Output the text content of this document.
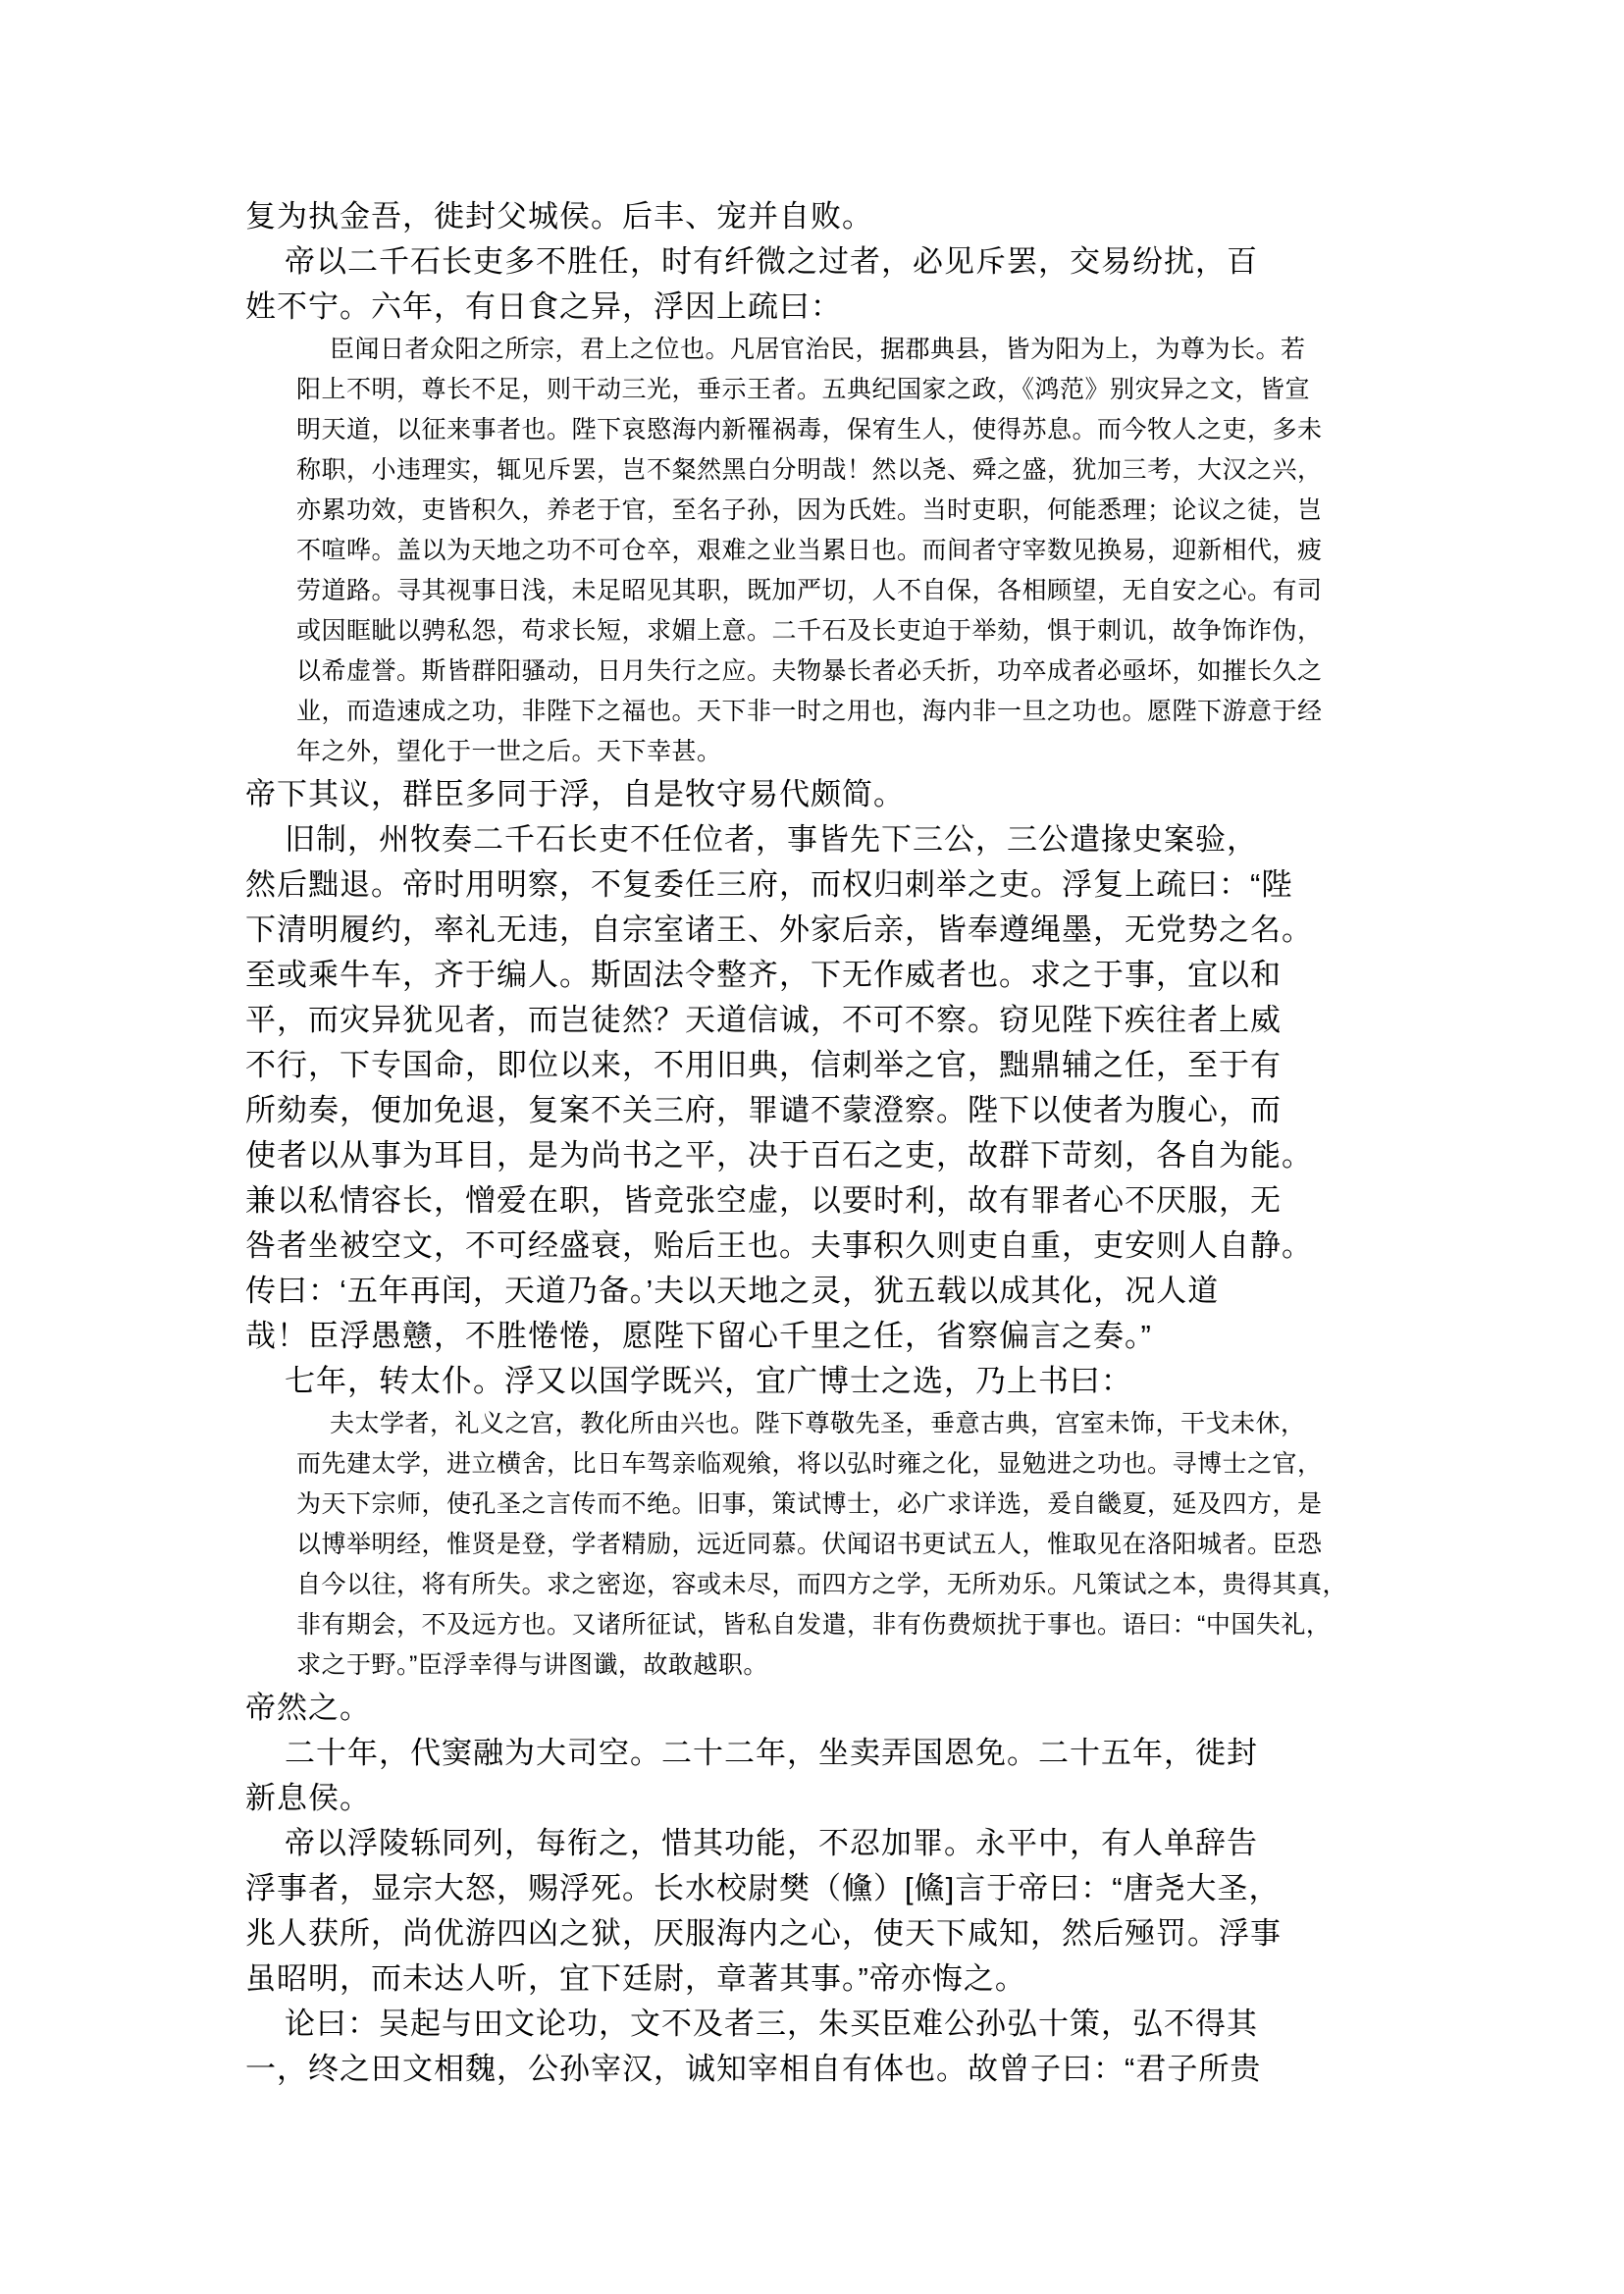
复为执金吾，徙封父城侯。后丰、宠并自败。
帝以二千石长吏多不胜任，时有纤微之过者，必见斥罢，交易纷扰，百
姓不宁。六年，有日食之异，浮因上疏曰：
臣闻日者众阳之所宗，君上之位也。凡居官治民，据郡典县，皆为阳为上，为尊为长。若
阳上不明，尊长不足，则干动三光，垂示王者。五典纪国家之政，《鸿范》别灾异之文，皆宣
明天道，以征来事者也。陛下哀愍海内新罹祸毒，保宥生人，使得苏息。而今牧人之吏，多未
称职，小违理实，辄见斥罢，岂不粲然黑白分明哉！然以尧、舜之盛，犹加三考，大汉之兴，
亦累功效，吏皆积久，养老于官，至名子孙，因为氏姓。当时吏职，何能悉理；论议之徒，岂
不喧哗。盖以为天地之功不可仓卒，艰难之业当累日也。而间者守宰数见换易，迎新相代，疲
劳道路。寻其视事日浅，未足昭见其职，既加严切，人不自保，各相顾望，无自安之心。有司
或因眶眦以骋私怨，苟求长短，求媚上意。二千石及长吏迫于举劾，惧于刺讥，故争饰诈伪，
以希虚誉。斯皆群阳骚动，日月失行之应。夫物暴长者必夭折，功卒成者必亟坏，如摧长久之
业，而造速成之功，非陛下之福也。天下非一时之用也，海内非一旦之功也。愿陛下游意于经
年之外，望化于一世之后。天下幸甚。
帝下其议，群臣多同于浮，自是牧守易代颇简。
旧制，州牧奏二千石长吏不任位者，事皆先下三公，三公遣掾史案验，
然后黜退。帝时用明察，不复委任三府，而权归刺举之吏。浮复上疏曰：“陛
下清明履约，率礼无违，自宗室诸王、外家后亲，皆奉遵绳墨，无党势之名。
至或乘牛车，齐于编人。斯固法令整齐，下无作威者也。求之于事，宜以和
平，而灾异犹见者，而岂徒然？天道信诚，不可不察。窃见陛下疾往者上威
不行，下专国命，即位以来，不用旧典，信刺举之官，黜鼎辅之任，至于有
所劾奏，便加免退，复案不关三府，罪谴不蒙澄察。陛下以使者为腹心，而
使者以从事为耳目，是为尚书之平，决于百石之吏，故群下苛刻，各自为能。
兼以私情容长，憎爱在职，皆竞张空虚，以要时利，故有罪者心不厌服，无
咎者坐被空文，不可经盛衰，贻后王也。夫事积久则吏自重，吏安则人自静。
传曰：‘五年再闰，天道乃备。’夫以天地之灵，犹五载以成其化，况人道
哉！臣浮愚戆，不胜惓惓，愿陛下留心千里之任，省察偏言之奏。”
七年，转太仆。浮又以国学既兴，宜广博士之选，乃上书曰：
夫太学者，礼义之宫，教化所由兴也。陛下尊敬先圣，垂意古典，宫室未饰，干戈未休，
而先建太学，进立横舍，比日车驾亲临观飨，将以弘时雍之化，显勉进之功也。寻博士之官，
为天下宗师，使孔圣之言传而不绝。旧事，策试博士，必广求详选，爰自畿夏，延及四方，是
以博举明经，惟贤是登，学者精励，远近同慕。伏闻诏书更试五人，惟取见在洛阳城者。臣恐
自今以往，将有所失。求之密迩，容或未尽，而四方之学，无所劝乐。凡策试之本，贵得其真，
非有期会，不及远方也。又诸所征试，皆私自发遣，非有伤费烦扰于事也。语曰：“中国失礼，
求之于野。”臣浮幸得与讲图谶，故敢越职。
帝然之。
二十年，代窦融为大司空。二十二年，坐卖弄国恩免。二十五年，徙封
新息侯。
帝以浮陵轹同列，每衔之，惜其功能，不忍加罪。永平中，有人单辞告
浮事者，显宗大怒，赐浮死。长水校尉樊（儵）[鯈]言于帝曰：“唐尧大圣，
兆人获所，尚优游四凶之狱，厌服海内之心，使天下咸知，然后殛罚。浮事
虽昭明，而未达人听，宜下廷尉，章著其事。”帝亦悔之。
论曰：吴起与田文论功，文不及者三，朱买臣难公孙弘十策，弘不得其
一，终之田文相魏，公孙宰汉，诚知宰相自有体也。故曾子曰：“君子所贵
